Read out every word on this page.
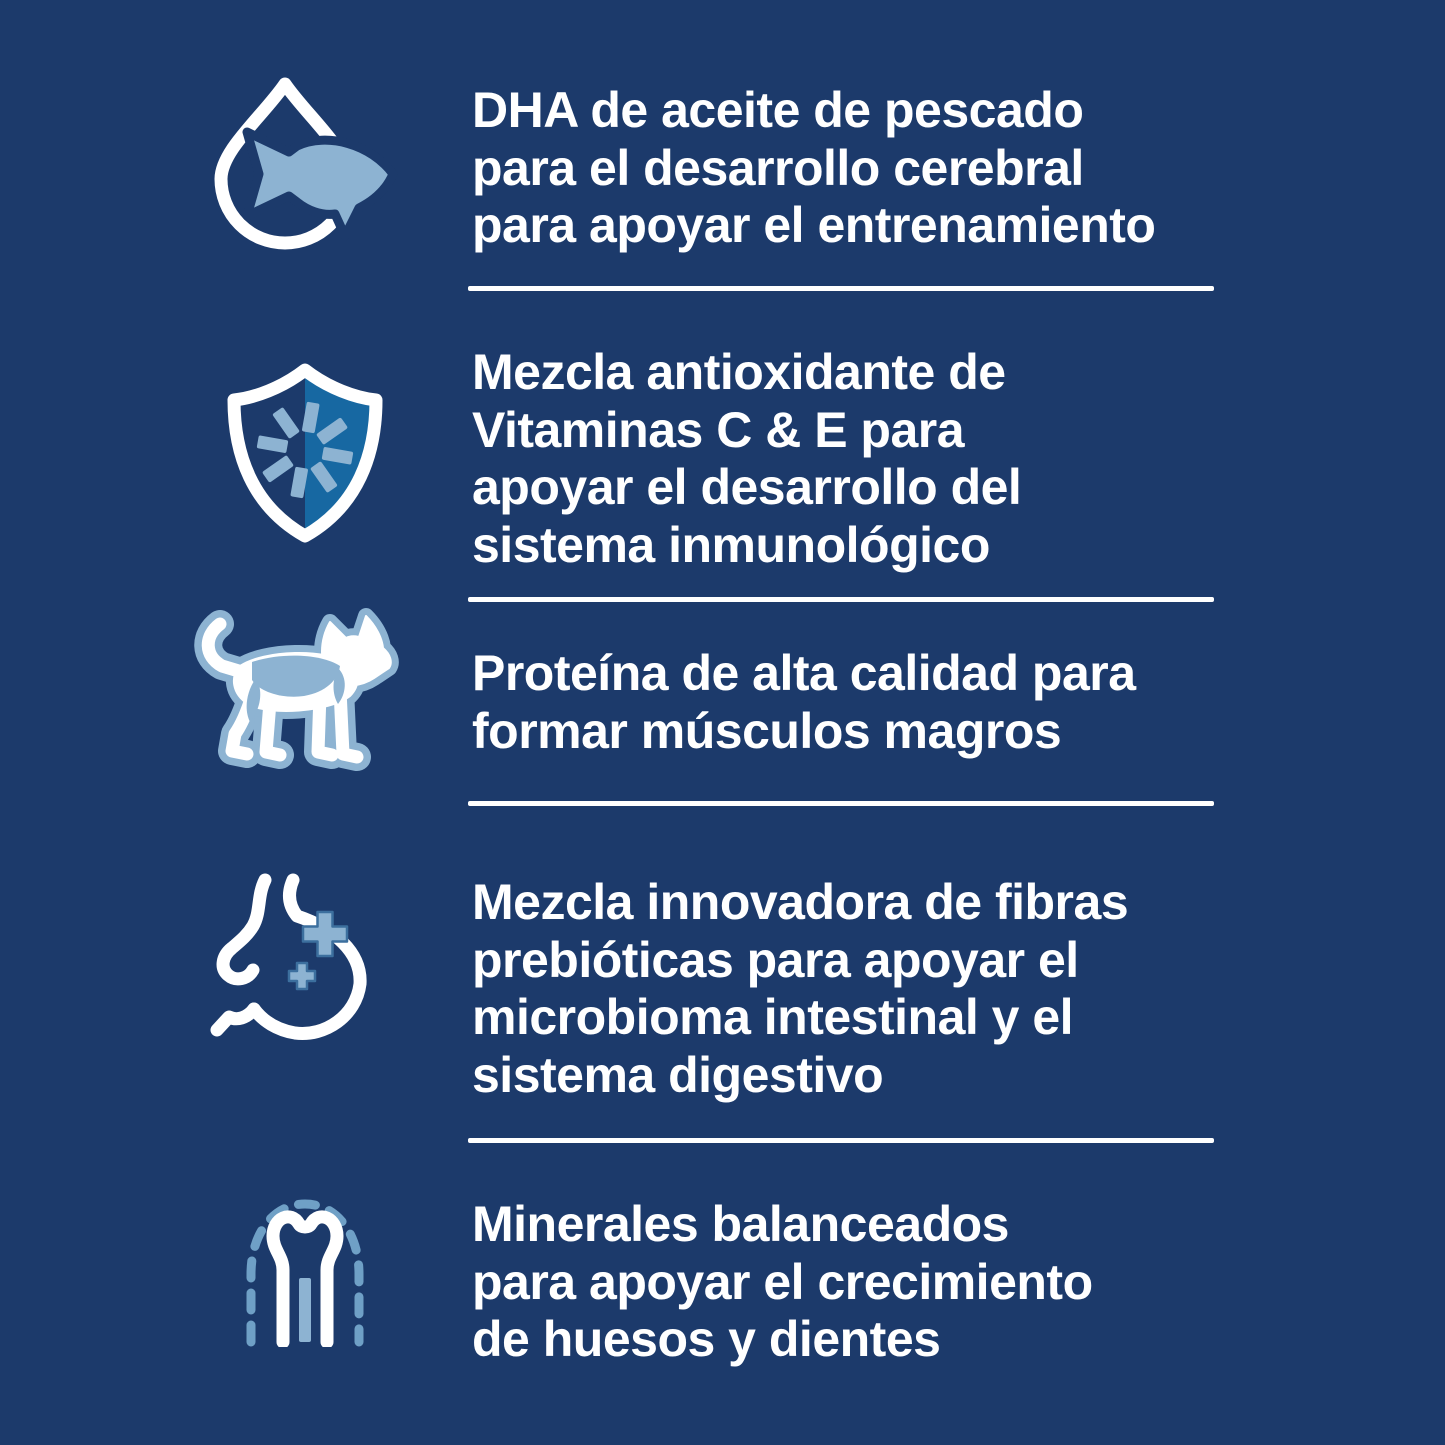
DHA de aceite de pescado
para el desarrollo cerebral
para apoyar el entrenamiento
Mezcla antioxidante de
Vitaminas C & E para
apoyar el desarrollo del
sistema inmunológico
Proteína de alta calidad para
formar músculos magros
Mezcla innovadora de fibras
prebióticas para apoyar el
microbioma intestinal y el
sistema digestivo
Minerales balanceados
para apoyar el crecimiento
de huesos y dientes
